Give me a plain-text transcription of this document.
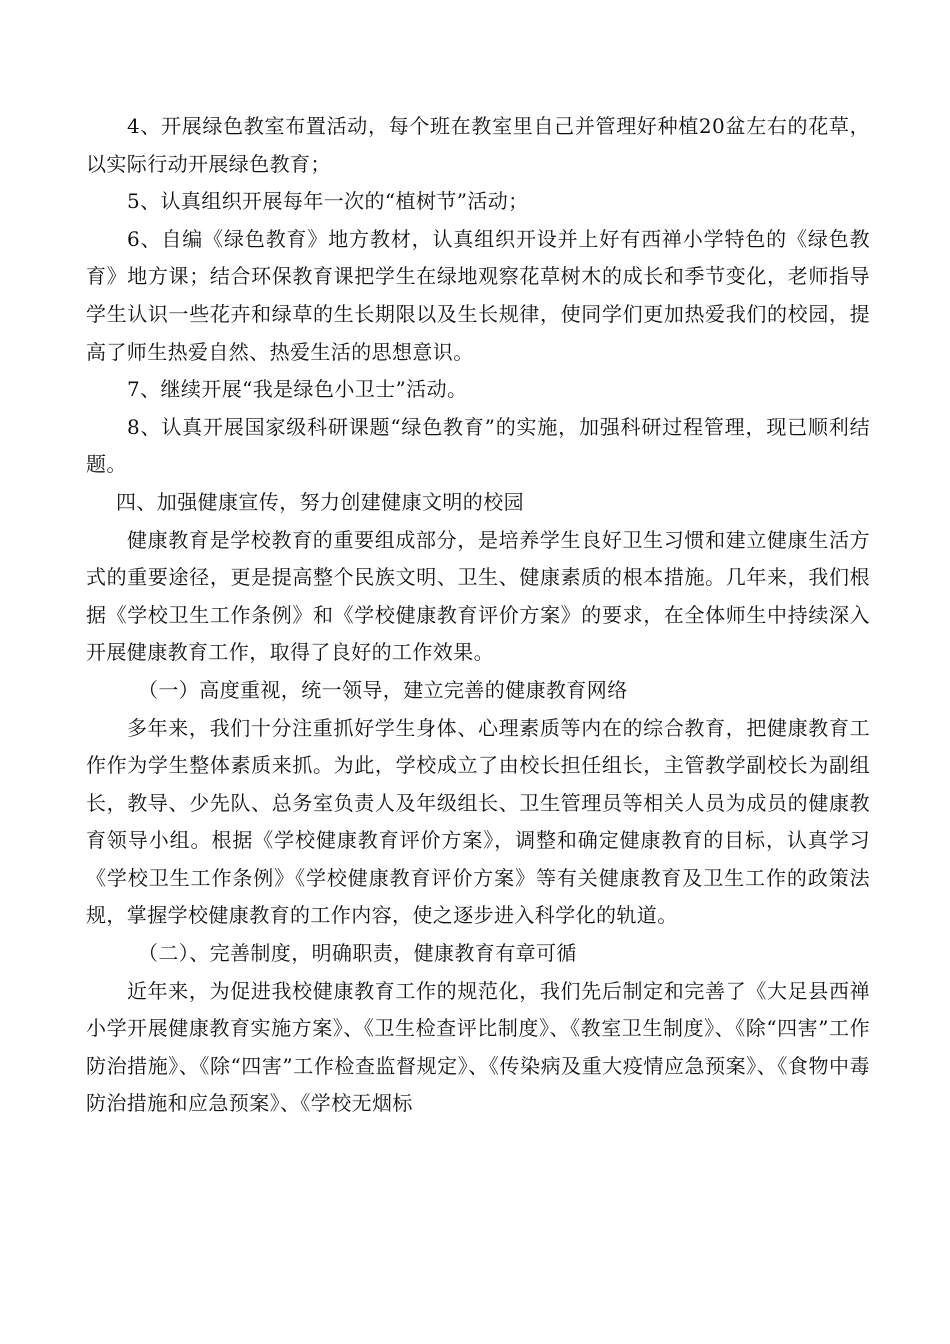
4、开展绿色教室布置活动，每个班在教室里自己并管理好种植20盆左右的花草，以实际行动开展绿色教育；

5、认真组织开展每年一次的“植树节”活动；

6、自编《绿色教育》地方教材，认真组织开设并上好有西禅小学特色的《绿色教育》地方课；结合环保教育课把学生在绿地观察花草树木的成长和季节变化，老师指导学生认识一些花卉和绿草的生长期限以及生长规律，使同学们更加热爱我们的校园，提高了师生热爱自然、热爱生活的思想意识。

7、继续开展“我是绿色小卫士”活动。

8、认真开展国家级科研课题“绿色教育”的实施，加强科研过程管理，现已顺利结题。

四、加强健康宣传，努力创建健康文明的校园

健康教育是学校教育的重要组成部分，是培养学生良好卫生习惯和建立健康生活方式的重要途径，更是提高整个民族文明、卫生、健康素质的根本措施。几年来，我们根据《学校卫生工作条例》和《学校健康教育评价方案》的要求，在全体师生中持续深入开展健康教育工作，取得了良好的工作效果。

（一）高度重视，统一领导，建立完善的健康教育网络

多年来，我们十分注重抓好学生身体、心理素质等内在的综合教育，把健康教育工作作为学生整体素质来抓。为此，学校成立了由校长担任组长，主管教学副校长为副组长，教导、少先队、总务室负责人及年级组长、卫生管理员等相关人员为成员的健康教育领导小组。根据《学校健康教育评价方案》，调整和确定健康教育的目标，认真学习《学校卫生工作条例》《学校健康教育评价方案》等有关健康教育及卫生工作的政策法规，掌握学校健康教育的工作内容，使之逐步进入科学化的轨道。

（二）、完善制度，明确职责，健康教育有章可循

近年来，为促进我校健康教育工作的规范化，我们先后制定和完善了《大足县西禅小学开展健康教育实施方案》、《卫生检查评比制度》、《教室卫生制度》、《除“四害”工作防治措施》、《除“四害”工作检查监督规定》、《传染病及重大疫情应急预案》、《食物中毒防治措施和应急预案》、《学校无烟标
